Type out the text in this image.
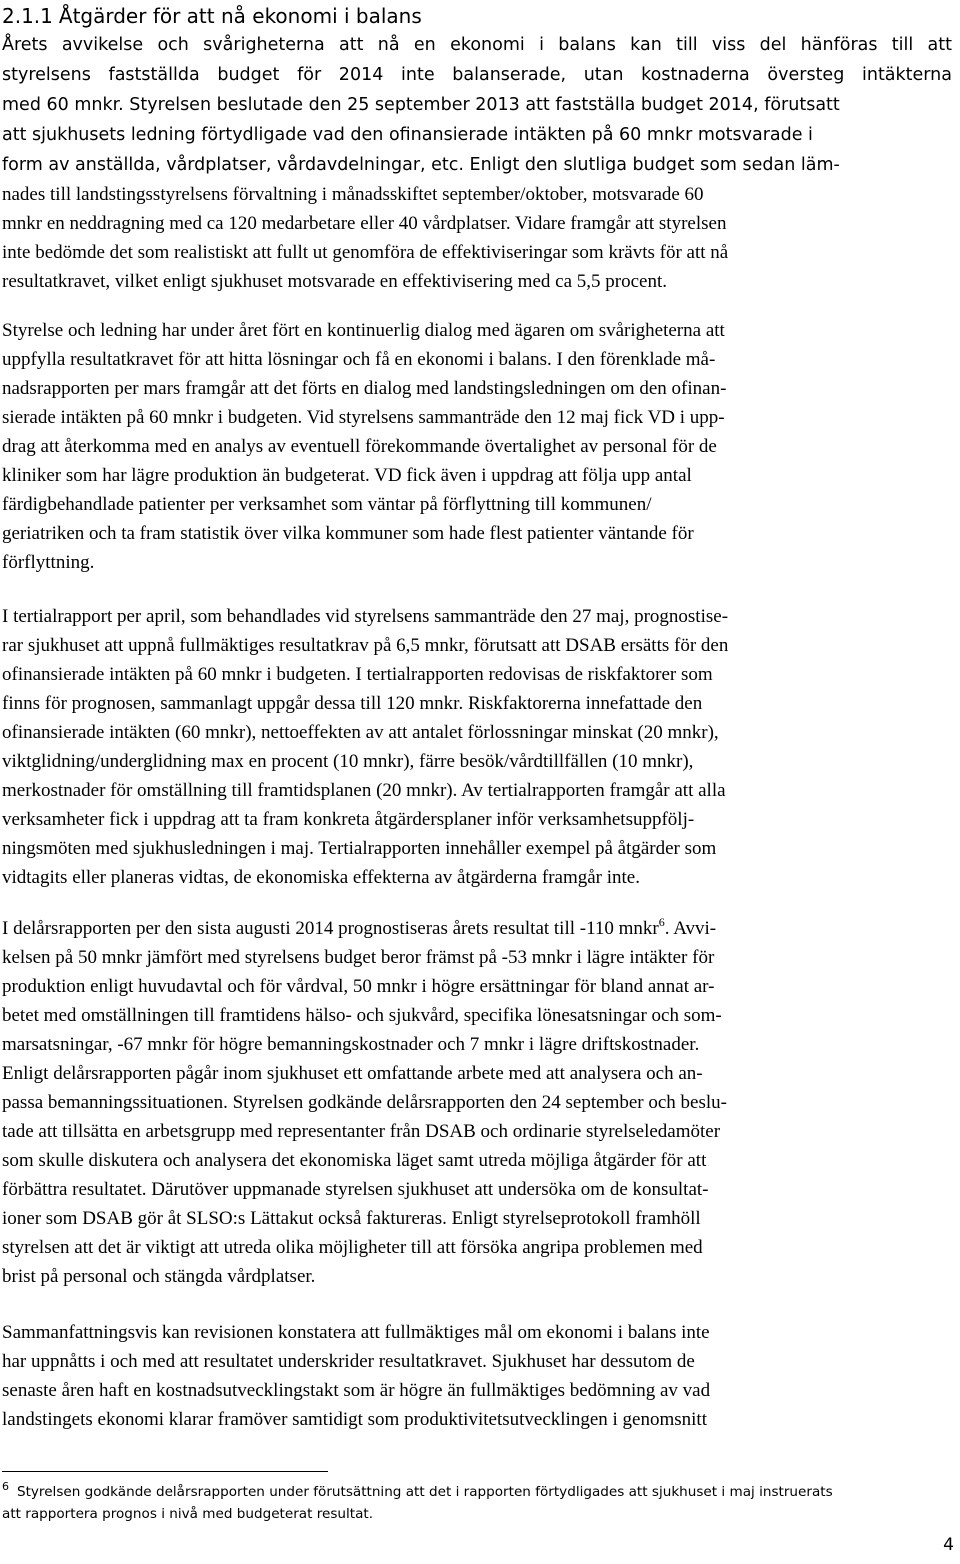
2.1.1 Åtgärder för att nå ekonomi i balans
Årets avvikelse och svårigheterna att nå en ekonomi i balans kan till viss del hänföras till att
styrelsens fastställda budget för 2014 inte balanserade, utan kostnaderna översteg intäkterna
med 60 mnkr. Styrelsen beslutade den 25 september 2013 att fastställa budget 2014, förutsatt
att sjukhusets ledning förtydligade vad den ofinansierade intäkten på 60 mnkr motsvarade i
form av anställda, vårdplatser, vårdavdelningar, etc. Enligt den slutliga budget som sedan läm-
nades till landstingsstyrelsens förvaltning i månadsskiftet september/oktober, motsvarade 60
mnkr en neddragning med ca 120 medarbetare eller 40 vårdplatser. Vidare framgår att styrelsen
inte bedömde det som realistiskt att fullt ut genomföra de effektiviseringar som krävts för att nå
resultatkravet, vilket enligt sjukhuset motsvarade en effektivisering med ca 5,5 procent.
Styrelse och ledning har under året fört en kontinuerlig dialog med ägaren om svårigheterna att
uppfylla resultatkravet för att hitta lösningar och få en ekonomi i balans. I den förenklade må-
nadsrapporten per mars framgår att det förts en dialog med landstingsledningen om den ofinan-
sierade intäkten på 60 mnkr i budgeten. Vid styrelsens sammanträde den 12 maj fick VD i upp-
drag att återkomma med en analys av eventuell förekommande övertalighet av personal för de
kliniker som har lägre produktion än budgeterat. VD fick även i uppdrag att följa upp antal
färdigbehandlade patienter per verksamhet som väntar på förflyttning till kommunen/
geriatriken och ta fram statistik över vilka kommuner som hade flest patienter väntande för
förflyttning.
I tertialrapport per april, som behandlades vid styrelsens sammanträde den 27 maj, prognostise-
rar sjukhuset att uppnå fullmäktiges resultatkrav på 6,5 mnkr, förutsatt att DSAB ersätts för den
ofinansierade intäkten på 60 mnkr i budgeten. I tertialrapporten redovisas de riskfaktorer som
finns för prognosen, sammanlagt uppgår dessa till 120 mnkr. Riskfaktorerna innefattade den
ofinansierade intäkten (60 mnkr), nettoeffekten av att antalet förlossningar minskat (20 mnkr),
viktglidning/underglidning max en procent (10 mnkr), färre besök/vårdtillfällen (10 mnkr),
merkostnader för omställning till framtidsplanen (20 mnkr). Av tertialrapporten framgår att alla
verksamheter fick i uppdrag att ta fram konkreta åtgärdersplaner inför verksamhetsuppfölj-
ningsmöten med sjukhusledningen i maj. Tertialrapporten innehåller exempel på åtgärder som
vidtagits eller planeras vidtas, de ekonomiska effekterna av åtgärderna framgår inte.
I delårsrapporten per den sista augusti 2014 prognostiseras årets resultat till -110 mnkr$^6$. Avvi-
kelsen på 50 mnkr jämfört med styrelsens budget beror främst på -53 mnkr i lägre intäkter för
produktion enligt huvudavtal och för vårdval, 50 mnkr i högre ersättningar för bland annat ar-
betet med omställningen till framtidens hälso- och sjukvård, specifika lönesatsningar och som-
marsatsningar, -67 mnkr för högre bemanningskostnader och 7 mnkr i lägre driftskostnader.
Enligt delårsrapporten pågår inom sjukhuset ett omfattande arbete med att analysera och an-
passa bemanningssituationen. Styrelsen godkände delårsrapporten den 24 september och beslu-
tade att tillsätta en arbetsgrupp med representanter från DSAB och ordinarie styrelseledamöter
som skulle diskutera och analysera det ekonomiska läget samt utreda möjliga åtgärder för att
förbättra resultatet. Därutöver uppmanade styrelsen sjukhuset att undersöka om de konsultat-
ioner som DSAB gör åt SLSO:s Lättakut också faktureras. Enligt styrelseprotokoll framhöll
styrelsen att det är viktigt att utreda olika möjligheter till att försöka angripa problemen med
brist på personal och stängda vårdplatser.
Sammanfattningsvis kan revisionen konstatera att fullmäktiges mål om ekonomi i balans inte
har uppnåtts i och med att resultatet underskrider resultatkravet. Sjukhuset har dessutom de
senaste åren haft en kostnadsutvecklingstakt som är högre än fullmäktiges bedömning av vad
landstingets ekonomi klarar framöver samtidigt som produktivitetsutvecklingen i genomsnitt
$^6$ Styrelsen godkände delårsrapporten under förutsättning att det i rapporten förtydligades att sjukhuset i maj instruerats
att rapportera prognos i nivå med budgeterat resultat.
4
